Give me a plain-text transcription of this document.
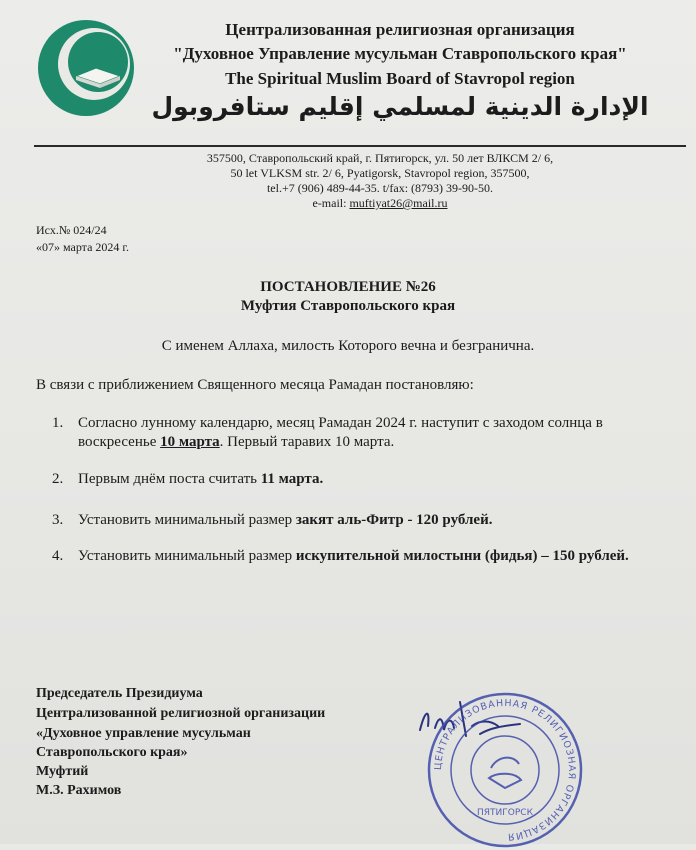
Централизованная религиозная организация
"Духовное Управление мусульман Ставропольского края"
The Spiritual Muslim Board of Stavropol region
الإدارة الدينية لمسلمي إقليم ستافروبول
357500, Ставропольский край, г. Пятигорск, ул. 50 лет ВЛКСМ 2/ 6,
50 let VLKSM str. 2/ 6, Pyatigorsk, Stavropol region, 357500,
tel.+7 (906) 489-44-35. t/fax: (8793) 39-90-50.
e-mail: muftiyat26@mail.ru
Исх.№ 024/24
«07» марта 2024 г.
ПОСТАНОВЛЕНИЕ №26
Муфтия Ставропольского края
С именем Аллаха, милость Которого вечна и безгранична.
В связи с приближением Священного месяца Рамадан постановляю:
1. Согласно лунному календарю, месяц Рамадан 2024 г. наступит с заходом солнца в воскресенье 10 марта. Первый таравих 10 марта.
2. Первым днём поста считать 11 марта.
3. Установить минимальный размер закят аль-Фитр - 120 рублей.
4. Установить минимальный размер искупительной милостыни (фидья) – 150 рублей.
Председатель Президиума
Централизованной религиозной организации
«Духовное управление мусульман
Ставропольского края»
Муфтий
М.З. Рахимов
ЦЕНТРАЛИЗОВАННАЯ РЕЛИГИОЗНАЯ ОРГАНИЗАЦИЯ
ПЯТИГОРСК
